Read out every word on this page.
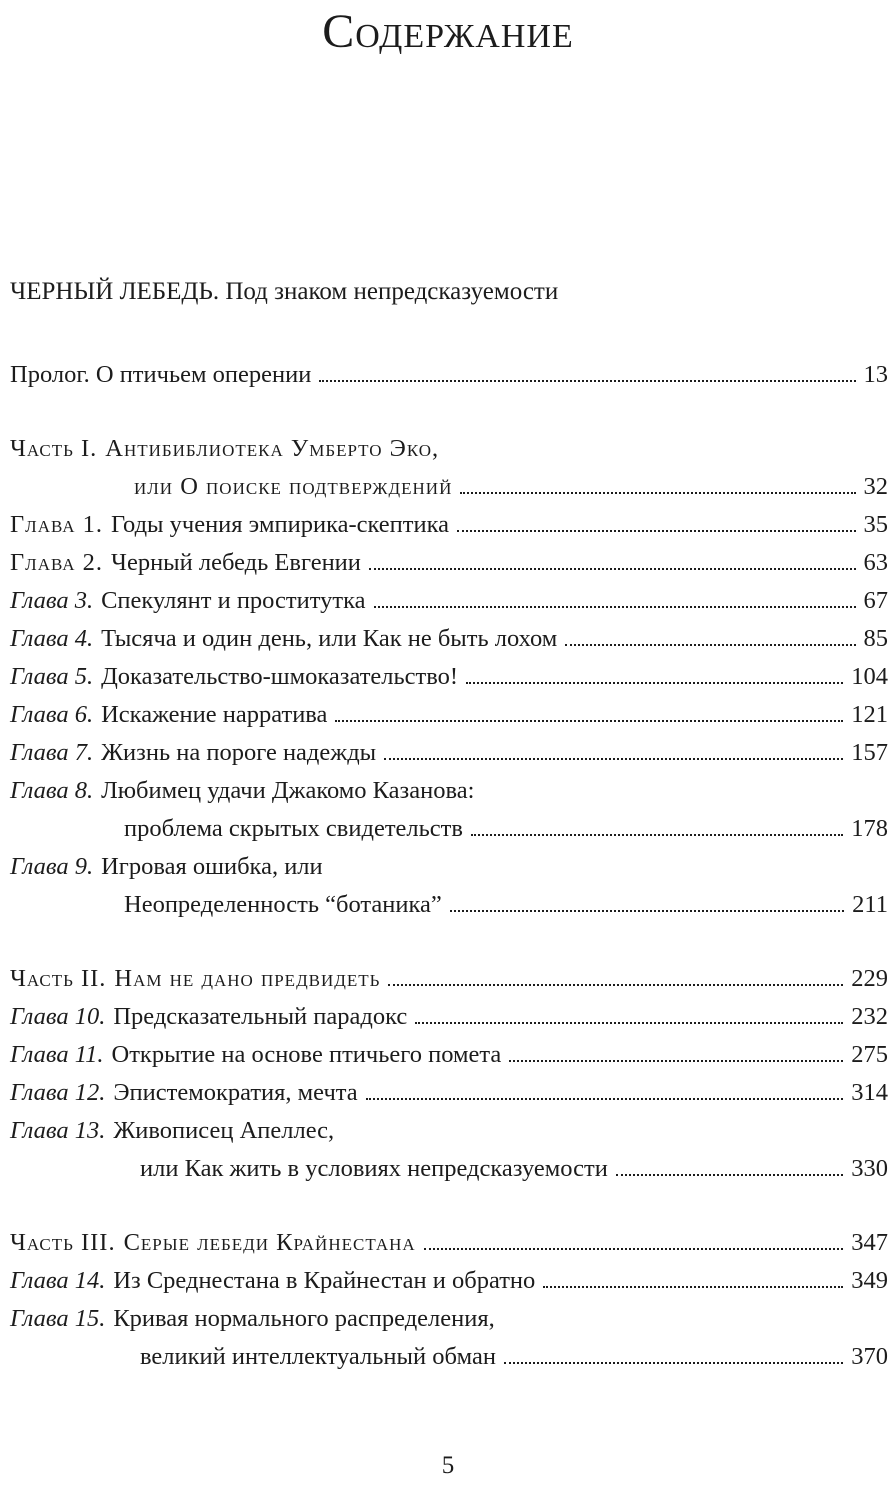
Содержание
ЧЕРНЫЙ ЛЕБЕДЬ. Под знаком непредсказуемости
Пролог. О птичьем оперении	13
Часть I. Антибиблиотека Умберто Эко,
или О поиске подтверждений	32
Глава 1. Годы учения эмпирика-скептика	35
Глава 2. Черный лебедь Евгении	63
Глава 3. Спекулянт и проститутка	67
Глава 4. Тысяча и один день, или Как не быть лохом	85
Глава 5. Доказательство-шмоказательство!	104
Глава 6. Искажение нарратива	121
Глава 7. Жизнь на пороге надежды	157
Глава 8. Любимец удачи Джакомо Казанова:
проблема скрытых свидетельств	178
Глава 9. Игровая ошибка, или
Неопределенность “ботаника”	211
Часть II. Нам не дано предвидеть	229
Глава 10. Предсказательный парадокс	232
Глава 11. Открытие на основе птичьего помета	275
Глава 12. Эпистемократия, мечта	314
Глава 13. Живописец Апеллес,
или Как жить в условиях непредсказуемости	330
Часть III. Серые лебеди Крайнестана	347
Глава 14. Из Среднестана в Крайнестан и обратно	349
Глава 15. Кривая нормального распределения,
великий интеллектуальный обман	370
5
